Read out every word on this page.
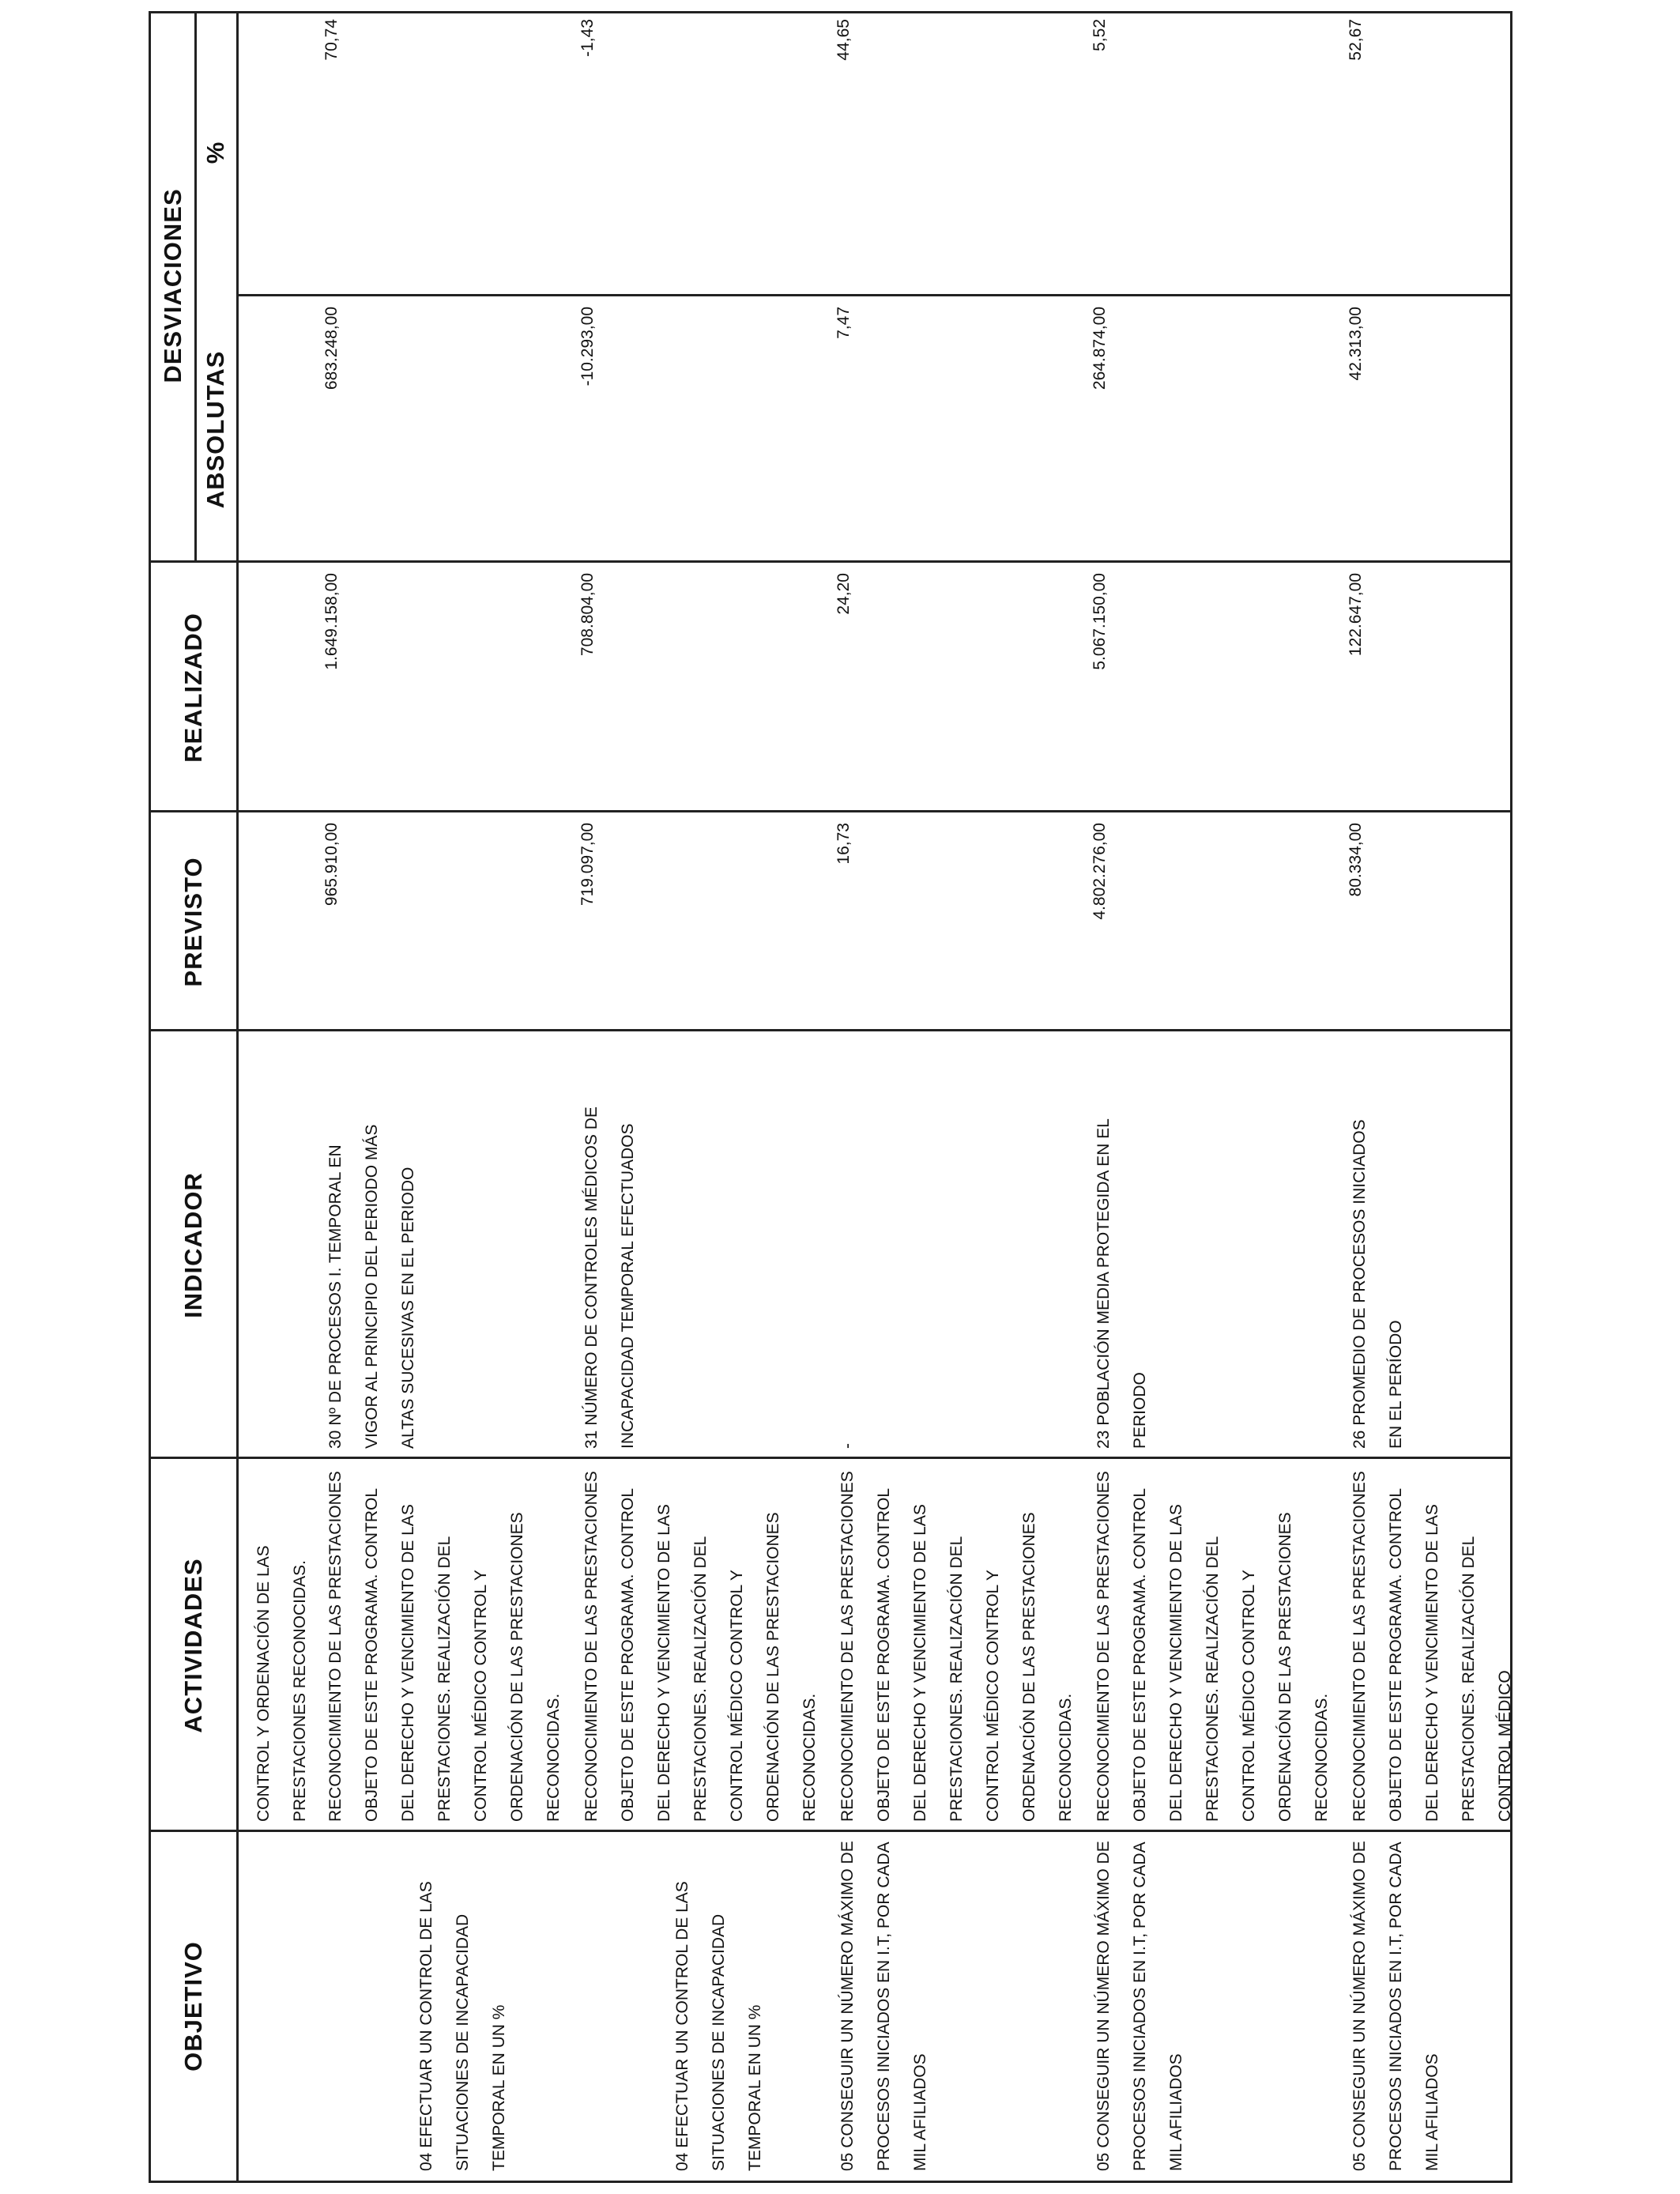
OBJETIVO
ACTIVIDADES
INDICADOR
PREVISTO
REALIZADO
DESVIACIONES
ABSOLUTAS
%
CONTROL Y ORDENACIÓN DE LAS PRESTACIONES RECONOCIDAS.
04 EFECTUAR UN CONTROL DE LAS SITUACIONES DE INCAPACIDAD TEMPORAL EN UN %
RECONOCIMIENTO DE LAS PRESTACIONES OBJETO DE ESTE PROGRAMA. CONTROL DEL DERECHO Y VENCIMIENTO DE LAS PRESTACIONES. REALIZACIÓN DEL CONTROL MÉDICO CONTROL Y ORDENACIÓN DE LAS PRESTACIONES RECONOCIDAS.
30 Nº DE PROCESOS I. TEMPORAL EN VIGOR AL PRINCIPIO DEL PERIODO MÁS ALTAS SUCESIVAS EN EL PERIODO
965.910,00
1.649.158,00
683.248,00
70,74
04 EFECTUAR UN CONTROL DE LAS SITUACIONES DE INCAPACIDAD TEMPORAL EN UN %
RECONOCIMIENTO DE LAS PRESTACIONES OBJETO DE ESTE PROGRAMA. CONTROL DEL DERECHO Y VENCIMIENTO DE LAS PRESTACIONES. REALIZACIÓN DEL CONTROL MÉDICO CONTROL Y ORDENACIÓN DE LAS PRESTACIONES RECONOCIDAS.
31 NÚMERO DE CONTROLES MÉDICOS DE INCAPACIDAD TEMPORAL EFECTUADOS
719.097,00
708.804,00
-10.293,00
-1,43
05 CONSEGUIR UN NÚMERO MÁXIMO DE PROCESOS INICIADOS EN I.T, POR CADA MIL AFILIADOS
RECONOCIMIENTO DE LAS PRESTACIONES OBJETO DE ESTE PROGRAMA. CONTROL DEL DERECHO Y VENCIMIENTO DE LAS PRESTACIONES. REALIZACIÓN DEL CONTROL MÉDICO CONTROL Y ORDENACIÓN DE LAS PRESTACIONES RECONOCIDAS.
-
16,73
24,20
7,47
44,65
05 CONSEGUIR UN NÚMERO MÁXIMO DE PROCESOS INICIADOS EN I.T, POR CADA MIL AFILIADOS
RECONOCIMIENTO DE LAS PRESTACIONES OBJETO DE ESTE PROGRAMA. CONTROL DEL DERECHO Y VENCIMIENTO DE LAS PRESTACIONES. REALIZACIÓN DEL CONTROL MÉDICO CONTROL Y ORDENACIÓN DE LAS PRESTACIONES RECONOCIDAS.
23 POBLACIÓN MEDIA PROTEGIDA EN EL PERIODO
4.802.276,00
5.067.150,00
264.874,00
5,52
05 CONSEGUIR UN NÚMERO MÁXIMO DE PROCESOS INICIADOS EN I.T, POR CADA MIL AFILIADOS
RECONOCIMIENTO DE LAS PRESTACIONES OBJETO DE ESTE PROGRAMA. CONTROL DEL DERECHO Y VENCIMIENTO DE LAS PRESTACIONES. REALIZACIÓN DEL CONTROL MÉDICO
26 PROMEDIO DE PROCESOS INICIADOS EN EL PERÍODO
80.334,00
122.647,00
42.313,00
52,67
